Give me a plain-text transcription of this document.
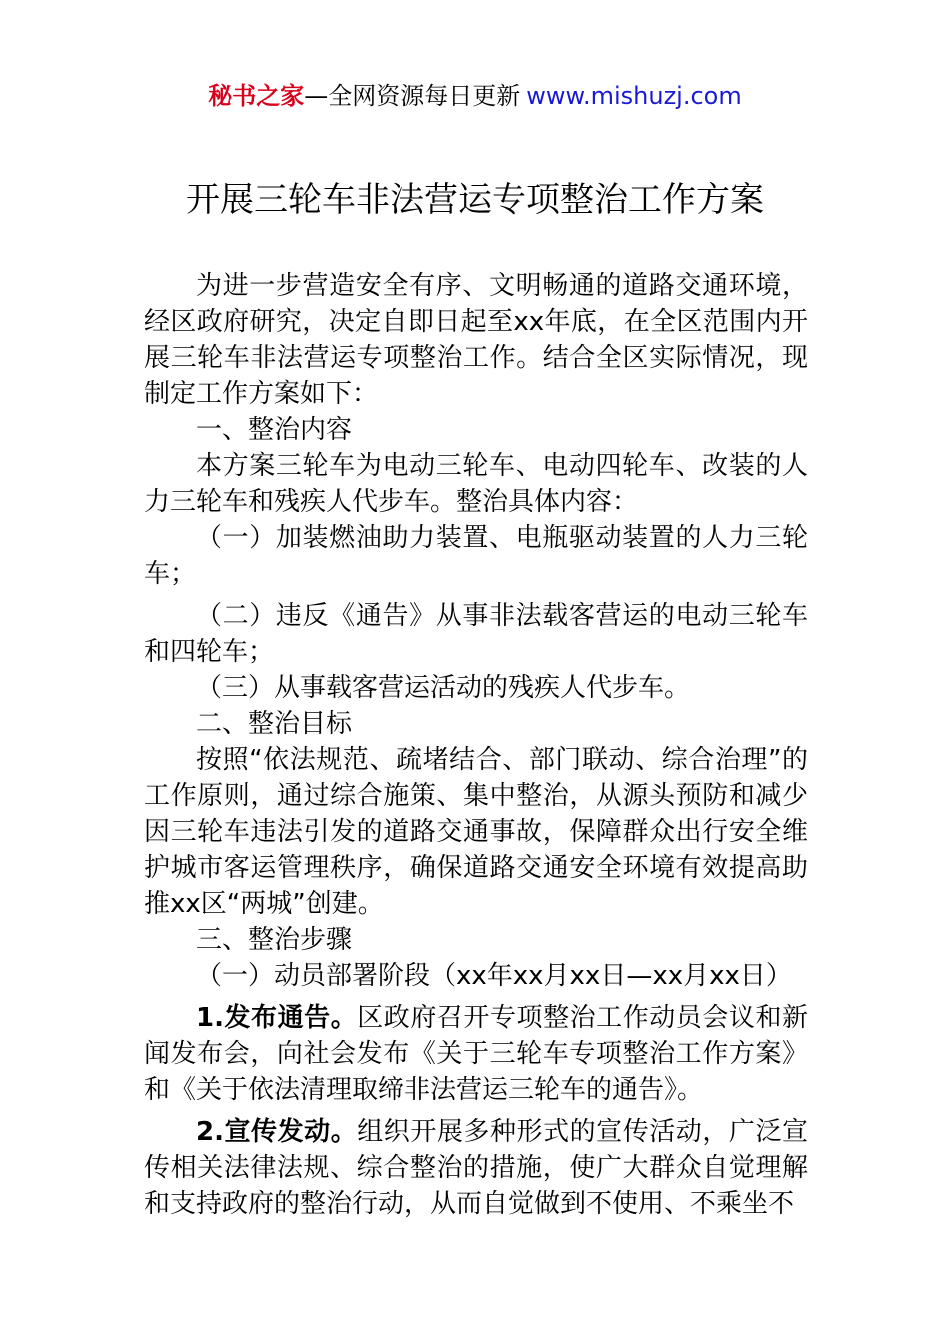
秘书之家—全网资源每日更新 www.mishuzj.com
开展三轮车非法营运专项整治工作方案

为进一步营造安全有序、文明畅通的道路交通环境，经区政府研究，决定自即日起至xx年底，在全区范围内开展三轮车非法营运专项整治工作。结合全区实际情况，现制定工作方案如下：

一、整治内容

本方案三轮车为电动三轮车、电动四轮车、改装的人力三轮车和残疾人代步车。整治具体内容：

（一）加装燃油助力装置、电瓶驱动装置的人力三轮车；

（二）违反《通告》从事非法载客营运的电动三轮车和四轮车；

（三）从事载客营运活动的残疾人代步车。

二、整治目标

按照“依法规范、疏堵结合、部门联动、综合治理”的工作原则，通过综合施策、集中整治，从源头预防和减少因三轮车违法引发的道路交通事故，保障群众出行安全维护城市客运管理秩序，确保道路交通安全环境有效提高助推xx区“两城”创建。

三、整治步骤

（一）动员部署阶段（xx年xx月xx日—xx月xx日）

1.发布通告。区政府召开专项整治工作动员会议和新闻发布会，向社会发布《关于三轮车专项整治工作方案》和《关于依法清理取缔非法营运三轮车的通告》。

2.宣传发动。组织开展多种形式的宣传活动，广泛宣传相关法律法规、综合整治的措施，使广大群众自觉理解和支持政府的整治行动，从而自觉做到不使用、不乘坐不
